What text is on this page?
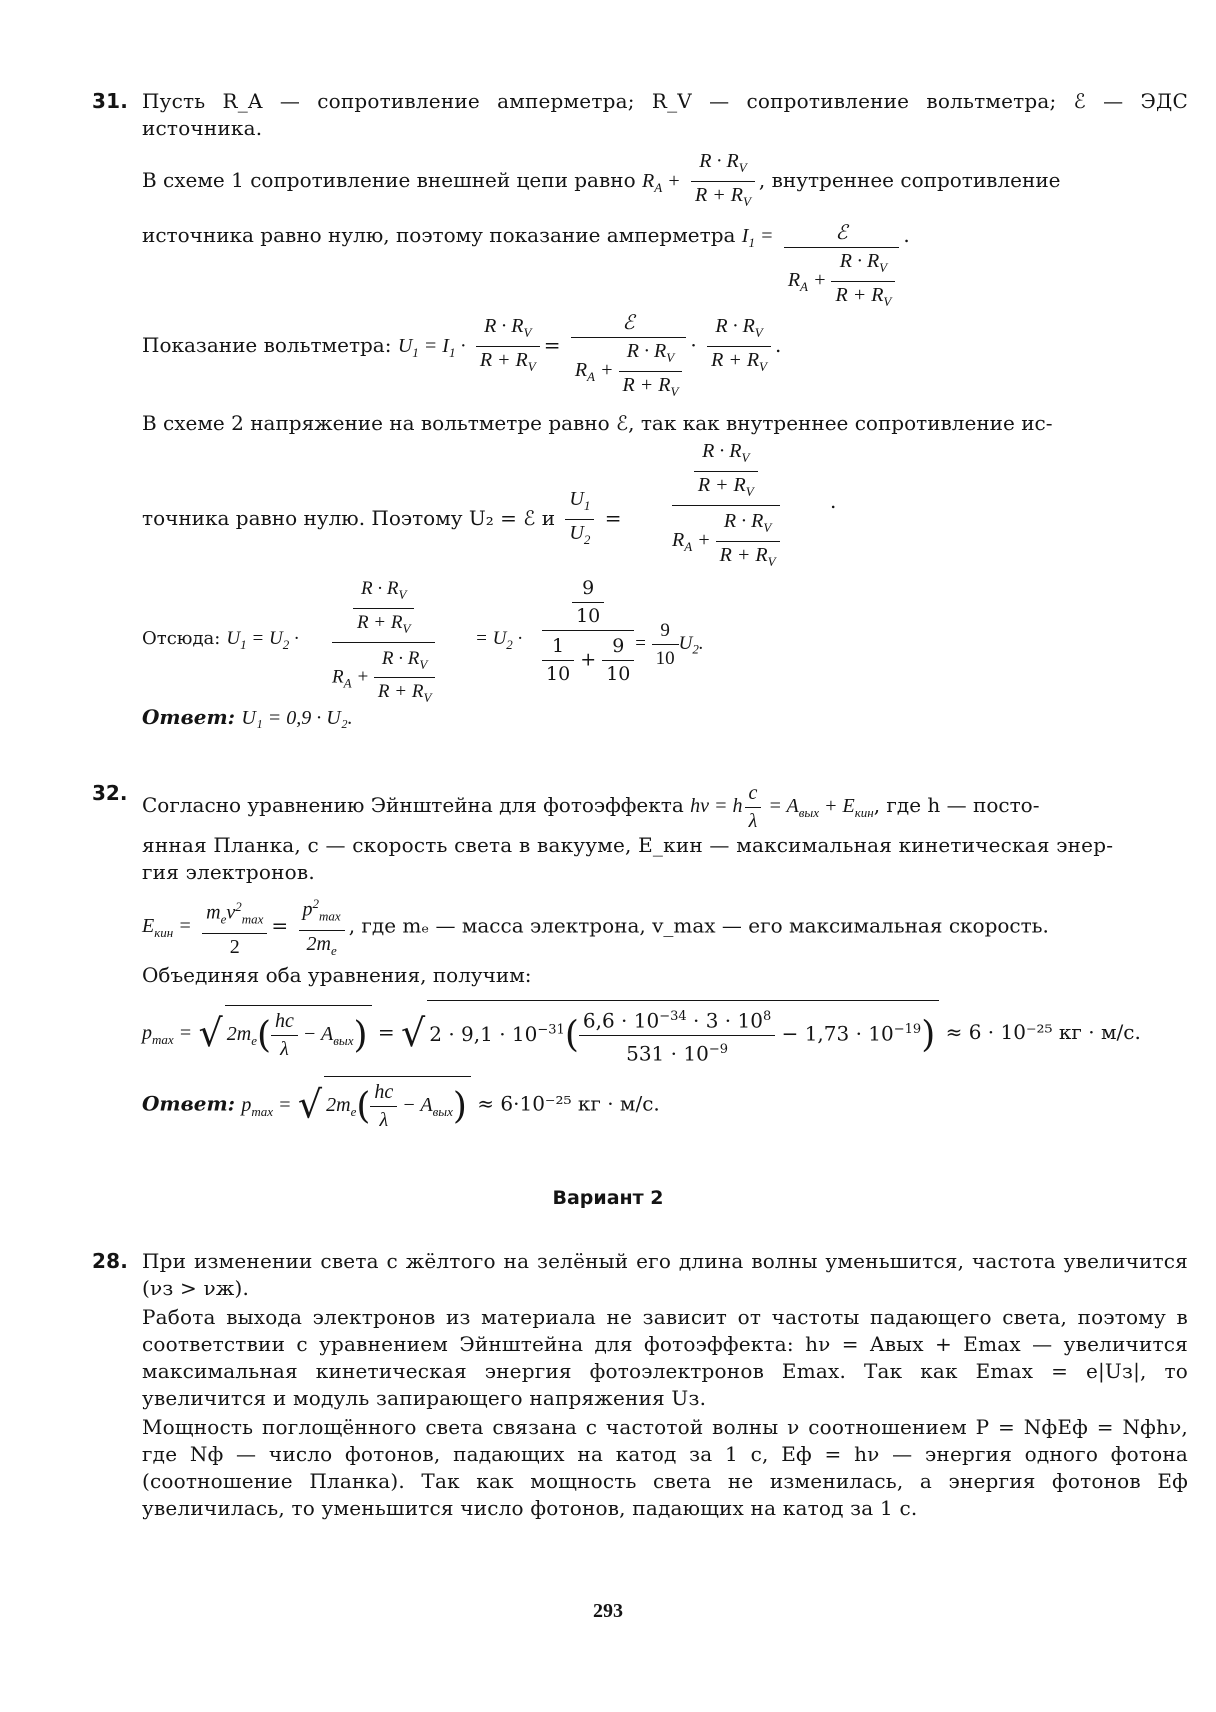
31. Пусть R_A — сопротивление амперметра; R_V — сопротивление вольтметра; ℰ — ЭДС источника.
В схеме 1 сопротивление внешней цепи равно $R_A + \frac{R \cdot R_V}{R + R_V}$ , внутреннее сопротивление
источника равно нулю, поэтому показание амперметра $I_1 = \frac{\text{ℰ}}{R_A + \frac{R \cdot R_V}{R + R_V}}$ .
Показание вольтметра: $U_1 = I_1 \cdot \frac{R \cdot R_V}{R + R_V} = \frac{\text{ℰ}}{R_A + \frac{R \cdot R_V}{R + R_V}} \cdot \frac{R \cdot R_V}{R + R_V}$ .
В схеме 2 напряжение на вольтметре равно ℰ, так как внутреннее сопротивление ис-
точника равно нулю. Поэтому U₂ = ℰ и $\frac{U_1}{U_2}$ =
$\frac{R \cdot R_V}{R + R_V}$
$R_A + \frac{R \cdot R_V}{R + R_V}$
.
Отсюда: $U_1 = U_2$ ·	$\frac{R \cdot R_V}{R + R_V}$
$R_A + \frac{R \cdot R_V}{R + R_V}$
= $U_2$ ·
$\frac{9}{10}$
$\frac{1}{10} + \frac{9}{10} = \frac{9}{10} U_2$.
Ответ: U₁ = 0,9 · U₂.
32.
Согласно уравнению Эйнштейна для фотоэффекта hν = h $\frac{c}{\lambda} = A_{вых} + E_{кин}$, где h — посто-
янная Планка, c — скорость света в вакууме, E_кин — максимальная кинетическая энер-
гия электронов.
$E_{кин} = \frac{m_ev^2_{max}}{2} = \frac{p^2_{max}}{2m_e}$ , где mₑ — масса электрона, v_max — его максимальная скорость.
Объединяя оба уравнения, получим:
$p_{max}$ = √ $2m_e( \frac{hc}{\lambda} - A_{вых})$ = √ $2 \cdot 9,1 \cdot 10^{-31}( \frac{6,6 \cdot 10^{-34} \cdot 3 \cdot 10^8}{531 \cdot 10^{-9}} - 1,73 \cdot 10^{-19}) \approx 6 \cdot 10^{-25}$ кг · м/с.
Ответ: $p_{max}$ = √ $2m_e( \frac{hc}{\lambda} - A_{вых}) \approx 6\cdot 10^{-25}$ кг · м/с.
Вариант 2
28. При изменении света с жёлтого на зелёный его длина волны уменьшится, частота увеличится (νз > νж).
Работа выхода электронов из материала не зависит от частоты падающего света, поэтому в соответствии с уравнением Эйнштейна для фотоэффекта: hν = Aвых + Emax — увеличится максимальная кинетическая энергия фотоэлектронов Emax. Так как Emax = e|Uз|, то увеличится и модуль запирающего напряжения Uз.
Мощность поглощённого света связана с частотой волны ν соотношением P = NфEф = Nфhν, где Nф — число фотонов, падающих на катод за 1 с, Eф = hν — энергия одного фотона (соотношение Планка). Так как мощность света не изменилась, а энергия фотонов Eф увеличилась, то уменьшится число фотонов, падающих на катод за 1 с.
293
